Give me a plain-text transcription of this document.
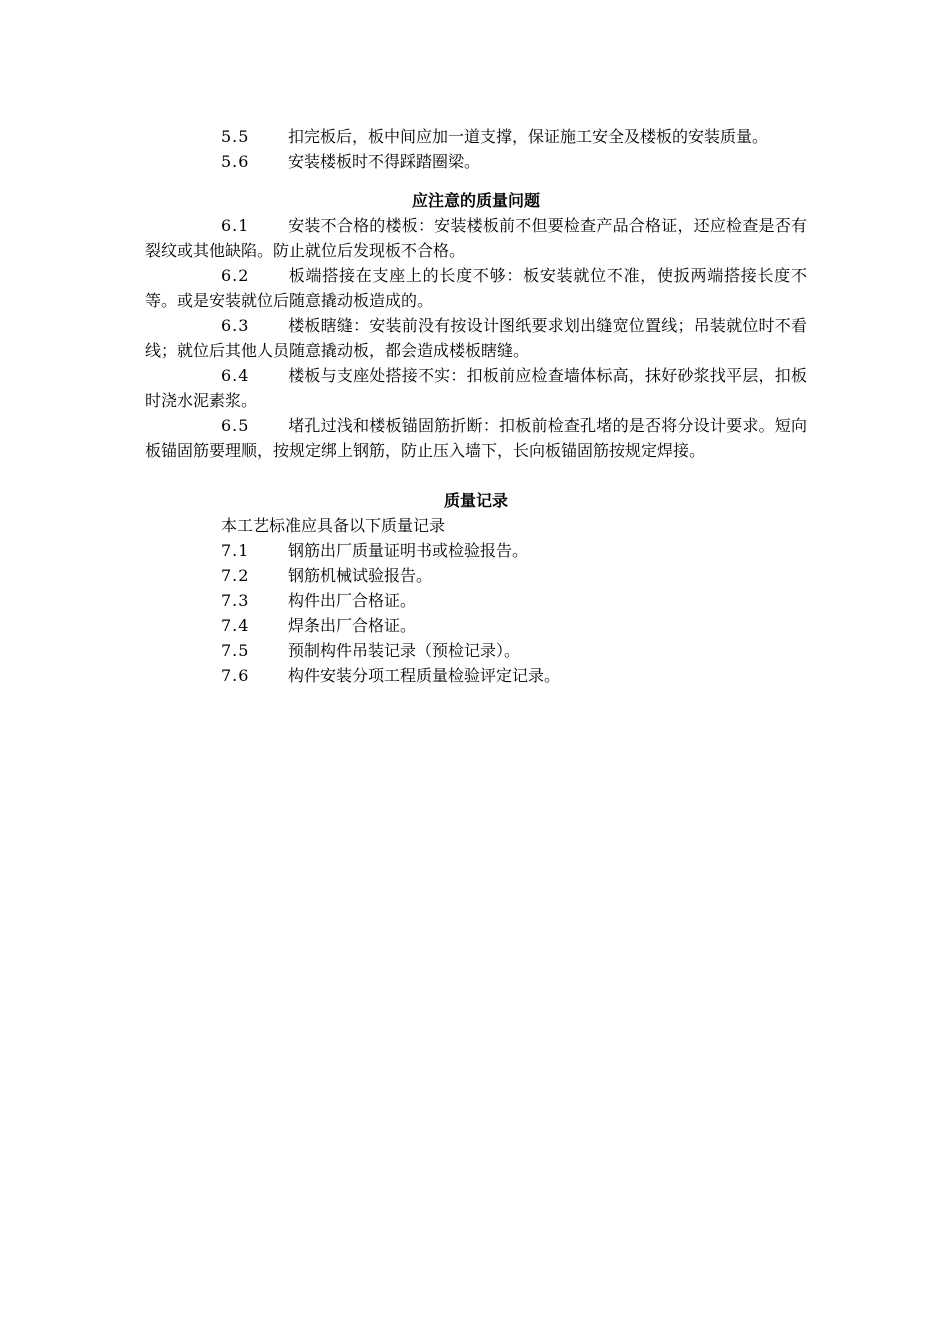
5.5 扣完板后，板中间应加一道支撑，保证施工安全及楼板的安装质量。

5.6 安装楼板时不得踩踏圈梁。

应注意的质量问题

6.1 安装不合格的楼板：安装楼板前不但要检查产品合格证，还应检查是否有裂纹或其他缺陷。防止就位后发现板不合格。

6.2 板端搭接在支座上的长度不够：板安装就位不准，使扳两端搭接长度不等。或是安装就位后随意撬动板造成的。

6.3 楼板瞎缝：安装前没有按设计图纸要求划出缝宽位置线；吊装就位时不看线；就位后其他人员随意撬动板，都会造成楼板瞎缝。

6.4 楼板与支座处搭接不实：扣板前应检查墙体标高，抹好砂浆找平层，扣板时浇水泥素浆。

6.5 堵孔过浅和楼板锚固筋折断：扣板前检查孔堵的是否将分设计要求。短向板锚固筋要理顺，按规定绑上钢筋，防止压入墙下，长向板锚固筋按规定焊接。

质量记录

本工艺标准应具备以下质量记录

7.1 钢筋出厂质量证明书或检验报告。

7.2 钢筋机械试验报告。

7.3 构件出厂合格证。

7.4 焊条出厂合格证。

7.5 预制构件吊装记录（预检记录）。

7.6 构件安装分项工程质量检验评定记录。
